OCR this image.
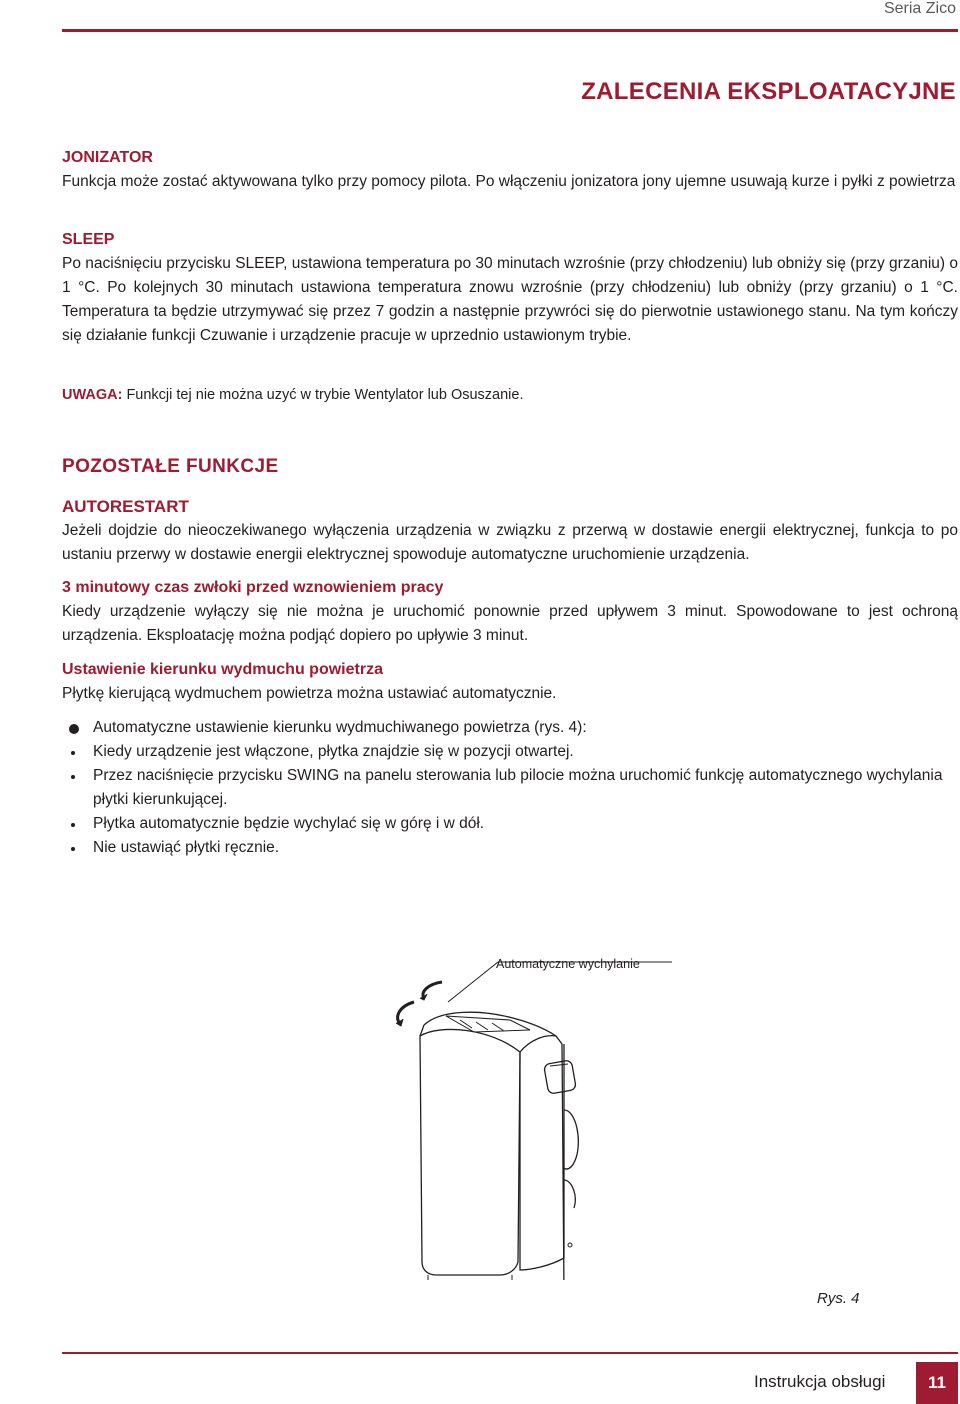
Seria Zico
ZALECENIA EKSPLOATACYJNE
JONIZATOR

Funkcja może zostać aktywowana tylko przy pomocy pilota. Po włączeniu jonizatora jony ujemne usuwają kurze i pyłki z powietrza

SLEEP

Po naciśnięciu przycisku SLEEP, ustawiona temperatura po 30 minutach wzrośnie (przy chłodzeniu) lub obniży się (przy grzaniu) o 1 °C. Po kolejnych 30 minutach ustawiona temperatura znowu wzrośnie (przy chłodzeniu) lub obniży (przy grzaniu) o 1 °C. Temperatura ta będzie utrzymywać się przez 7 godzin a następnie przywróci się do pierwotnie ustawionego stanu. Na tym kończy się działanie funkcji Czuwanie i urządzenie pracuje w uprzednio ustawionym trybie.

UWAGA: Funkcji tej nie można uzyć w trybie Wentylator lub Osuszanie.
POZOSTAŁE FUNKCJE
AUTORESTART

Jeżeli dojdzie do nieoczekiwanego wyłączenia urządzenia w związku z przerwą w dostawie energii elektrycznej, funkcja to po ustaniu przerwy w dostawie energii elektrycznej spowoduje automatyczne uruchomienie urządzenia.

3 minutowy czas zwłoki przed wznowieniem pracy

Kiedy urządzenie wyłączy się nie można je uruchomić ponownie przed upływem 3 minut. Spowodowane to jest ochroną urządzenia. Eksploatację można podjąć dopiero po upływie 3 minut.

Ustawienie kierunku wydmuchu powietrza

Płytkę kierującą wydmuchem powietrza można ustawiać automatycznie.

Automatyczne ustawienie kierunku wydmuchiwanego powietrza (rys. 4):
Kiedy urządzenie jest włączone, płytka znajdzie się w pozycji otwartej.
Przez naciśnięcie przycisku SWING na panelu sterowania lub pilocie można uruchomić funkcję automatycznego wychylania płytki kierunkującej.
Płytka automatycznie będzie wychylać się w górę i w dół.
Nie ustawiąć płytki ręcznie.
Automatyczne wychylanie
Rys. 4
Instrukcja obsługi	11
